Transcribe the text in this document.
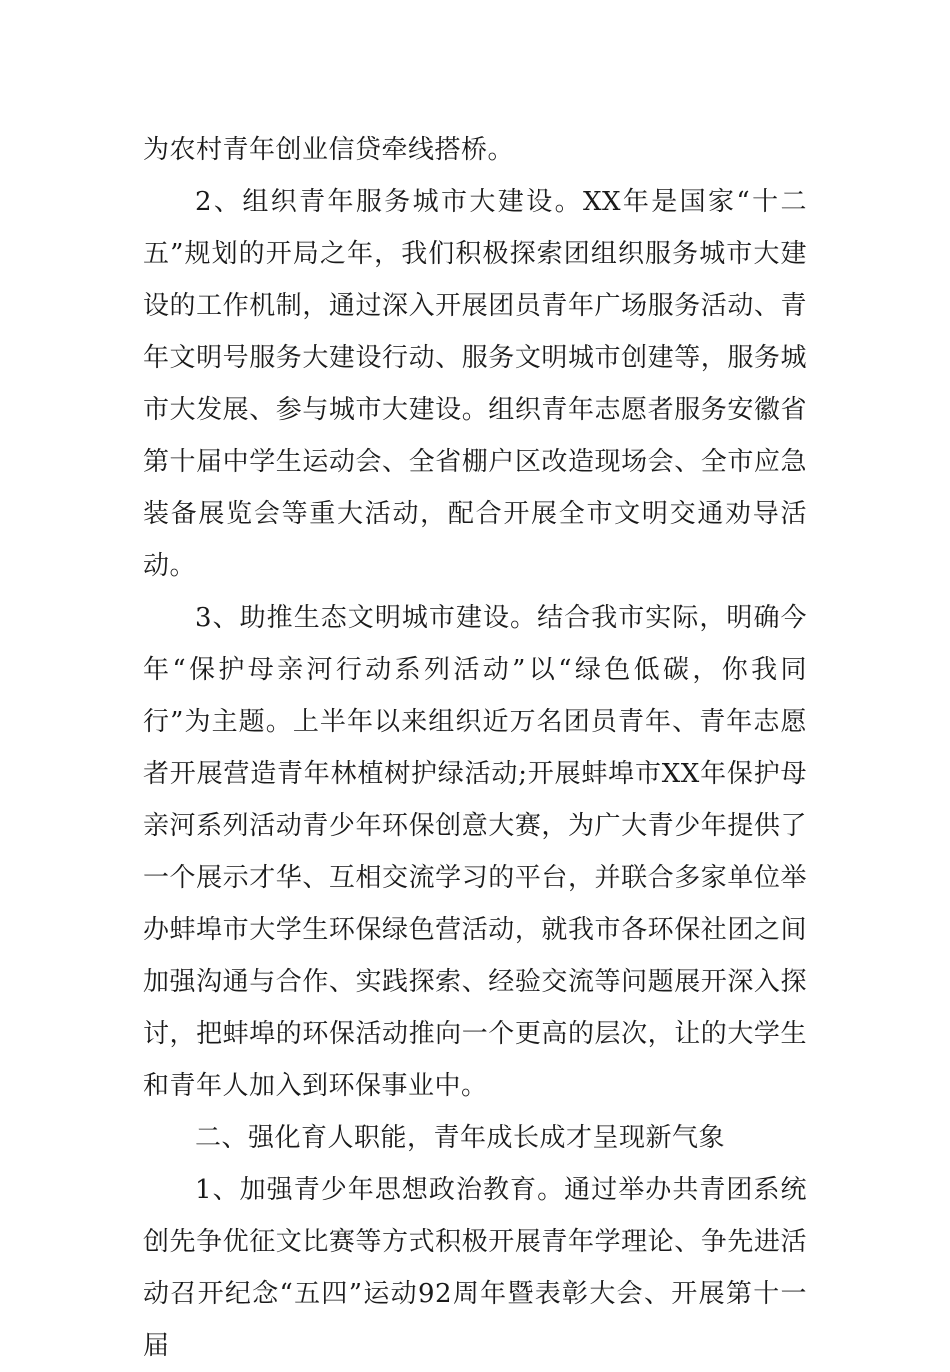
为农村青年创业信贷牵线搭桥。

2、组织青年服务城市大建设。XX年是国家“十二五”规划的开局之年，我们积极探索团组织服务城市大建设的工作机制，通过深入开展团员青年广场服务活动、青年文明号服务大建设行动、服务文明城市创建等，服务城市大发展、参与城市大建设。组织青年志愿者服务安徽省第十届中学生运动会、全省棚户区改造现场会、全市应急装备展览会等重大活动，配合开展全市文明交通劝导活动。

3、助推生态文明城市建设。结合我市实际，明确今年“保护母亲河行动系列活动”以“绿色低碳，你我同行”为主题。上半年以来组织近万名团员青年、青年志愿者开展营造青年林植树护绿活动;开展蚌埠市XX年保护母亲河系列活动青少年环保创意大赛，为广大青少年提供了一个展示才华、互相交流学习的平台，并联合多家单位举办蚌埠市大学生环保绿色营活动，就我市各环保社团之间加强沟通与合作、实践探索、经验交流等问题展开深入探讨，把蚌埠的环保活动推向一个更高的层次，让的大学生和青年人加入到环保事业中。

二、强化育人职能，青年成长成才呈现新气象

1、加强青少年思想政治教育。通过举办共青团系统创先争优征文比赛等方式积极开展青年学理论、争先进活动召开纪念“五四”运动92周年暨表彰大会、开展第十一届
